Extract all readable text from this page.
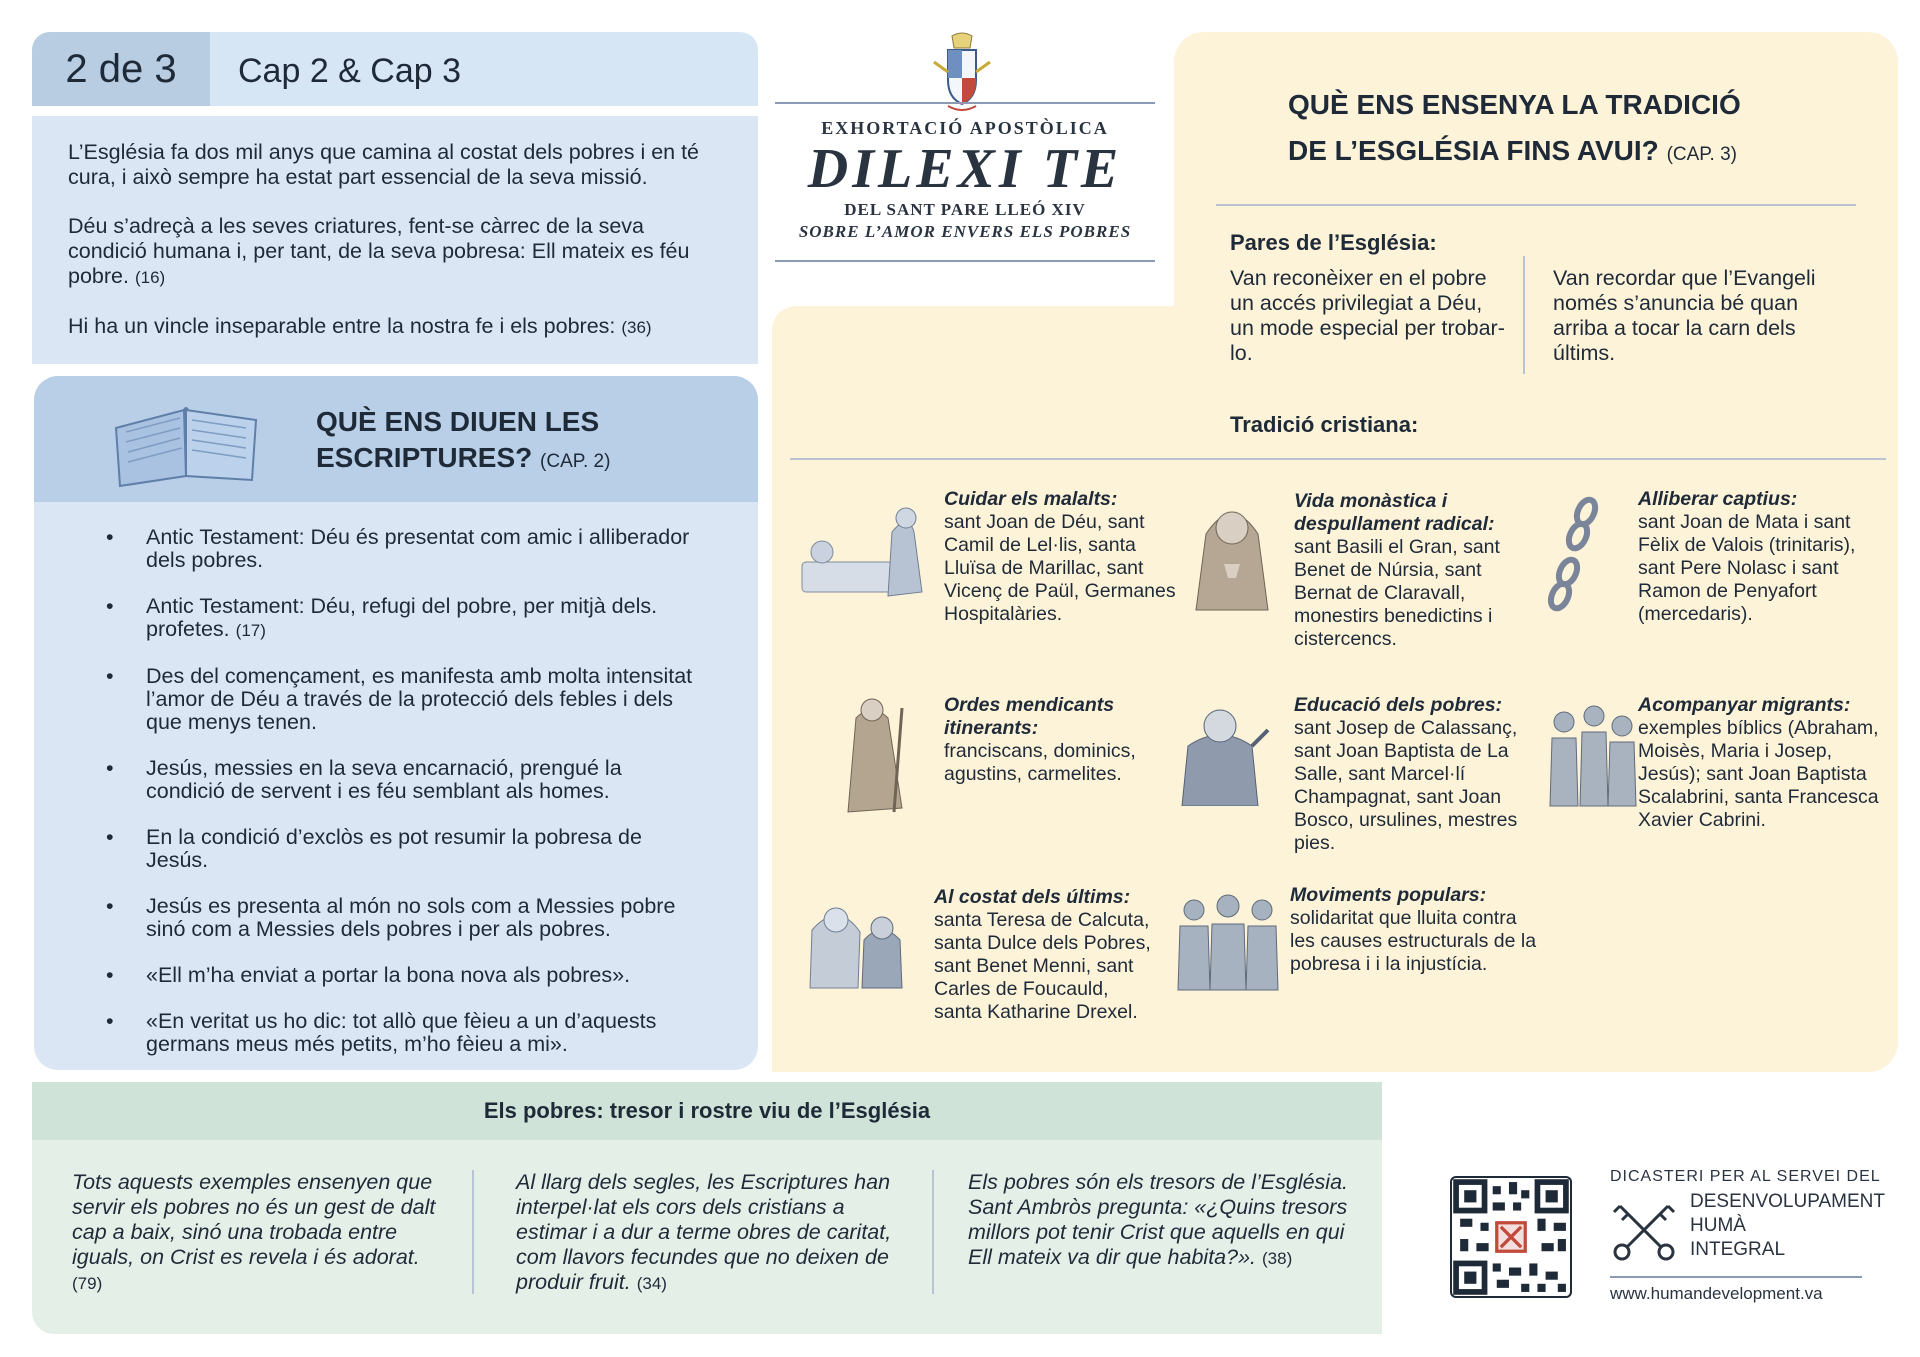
2 de 3	Cap 2 & Cap 3

L’Església fa dos mil anys que camina al costat dels pobres i en té cura, i això sempre ha estat part essencial de la seva missió.

Déu s’adreçà a les seves criatures, fent-se càrrec de la seva condició humana i, per tant, de la seva pobresa: Ell mateix es féu pobre. (16)

Hi ha un vincle inseparable entre la nostra fe i els pobres: (36)

QUÈ ENS DIUEN LES
ESCRIPTURES? (CAP. 2)
• Antic Testament: Déu és presentat com amic i alliberador dels pobres.
• Antic Testament: Déu, refugi del pobre, per mitjà dels. profetes. (17)
• Des del començament, es manifesta amb molta intensitat l’amor de Déu a través de la protecció dels febles i dels que menys tenen.
• Jesús, messies en la seva encarnació, prengué la condició de servent i es féu semblant als homes.
• En la condició d’exclòs es pot resumir la pobresa de Jesús.
• Jesús es presenta al món no sols com a Messies pobre sinó com a Messies dels pobres i per als pobres.
• «Ell m’ha enviat a portar la bona nova als pobres».
• «En veritat us ho dic: tot allò que fèieu a un d’aquests germans meus més petits, m’ho fèieu a mi».
EXHORTACIÓ APOSTÒLICA
DILEXI TE
DEL SANT PARE LLEÓ XIV
SOBRE L’AMOR ENVERS ELS POBRES
QUÈ ENS ENSENYA LA TRADICIÓ
DE L’ESGLÉSIA FINS AVUI? (CAP. 3)
Pares de l’Església:
Van reconèixer en el pobre un accés privilegiat a Déu, un mode especial per trobar-lo.
Van recordar que l’Evangeli només s’anuncia bé quan arriba a tocar la carn dels últims.
Tradició cristiana:
Cuidar els malalts:
sant Joan de Déu, sant Camil de Lel·lis, santa Lluïsa de Marillac, sant Vicenç de Paül, Germanes Hospitalàries.
Vida monàstica i despullament radical:
sant Basili el Gran, sant Benet de Núrsia, sant Bernat de Claravall, monestirs benedictins i cistercencs.
Alliberar captius:
sant Joan de Mata i sant Fèlix de Valois (trinitaris), sant Pere Nolasc i sant Ramon de Penyafort (mercedaris).
Ordes mendicants itinerants:
franciscans, dominics, agustins, carmelites.
Educació dels pobres:
sant Josep de Calassanç, sant Joan Baptista de La Salle, sant Marcel·lí Champagnat, sant Joan Bosco, ursulines, mestres pies.
Acompanyar migrants:
exemples bíblics (Abraham, Moisès, Maria i Josep, Jesús); sant Joan Baptista Scalabrini, santa Francesca Xavier Cabrini.
Al costat dels últims:
santa Teresa de Calcuta, santa Dulce dels Pobres, sant Benet Menni, sant Carles de Foucauld, santa Katharine Drexel.
Moviments populars:
solidaritat que lluita contra les causes estructurals de la pobresa i i la injustícia.
Els pobres: tresor i rostre viu de l’Església
Tots aquests exemples ensenyen que servir els pobres no és un gest de dalt cap a baix, sinó una trobada entre iguals, on Crist es revela i és adorat. (79)
Al llarg dels segles, les Escriptures han interpel·lat els cors dels cristians a estimar i a dur a terme obres de caritat, com llavors fecundes que no deixen de produir fruit. (34)
Els pobres són els tresors de l’Església. Sant Ambròs pregunta: «¿Quins tresors millors pot tenir Crist que aquells en qui Ell mateix va dir que habita?». (38)
DICASTERI PER AL SERVEI DEL
DESENVOLUPAMENT
HUMÀ
INTEGRAL
www.humandevelopment.va
